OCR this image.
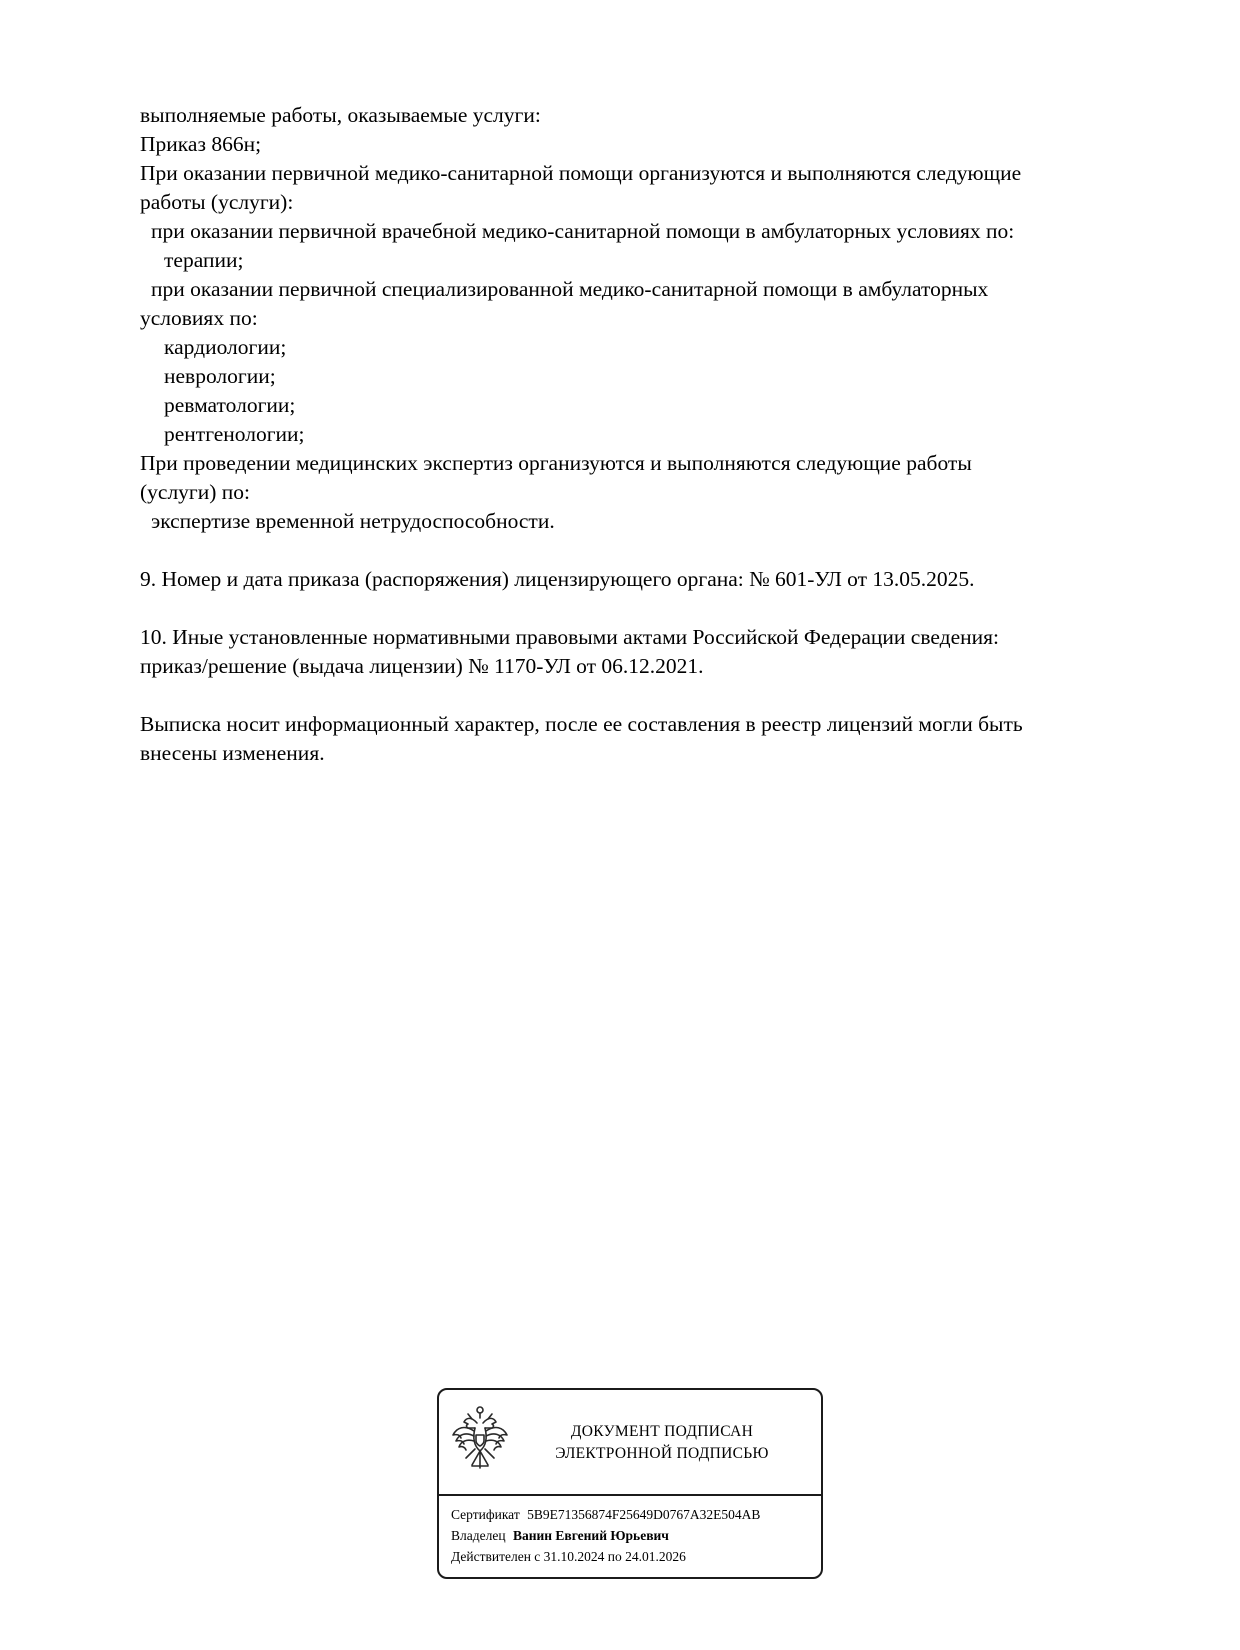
выполняемые работы, оказываемые услуги:
Приказ 866н;
При оказании первичной медико-санитарной помощи организуются и выполняются следующие
работы (услуги):
при оказании первичной врачебной медико-санитарной помощи в амбулаторных условиях по:
терапии;
при оказании первичной специализированной медико-санитарной помощи в амбулаторных
условиях по:
кардиологии;
неврологии;
ревматологии;
рентгенологии;
При проведении медицинских экспертиз организуются и выполняются следующие работы
(услуги) по:
экспертизе временной нетрудоспособности.

9. Номер и дата приказа (распоряжения) лицензирующего органа: № 601-УЛ от 13.05.2025.

10. Иные установленные нормативными правовыми актами Российской Федерации сведения:
приказ/решение (выдача лицензии) № 1170-УЛ от 06.12.2021.

Выписка носит информационный характер, после ее составления в реестр лицензий могли быть
внесены изменения.
ДОКУМЕНТ ПОДПИСАН
ЭЛЕКТРОННОЙ ПОДПИСЬЮ
Сертификат 5B9E71356874F25649D0767A32E504AB
Владелец Ванин Евгений Юрьевич
Действителен с 31.10.2024 по 24.01.2026
